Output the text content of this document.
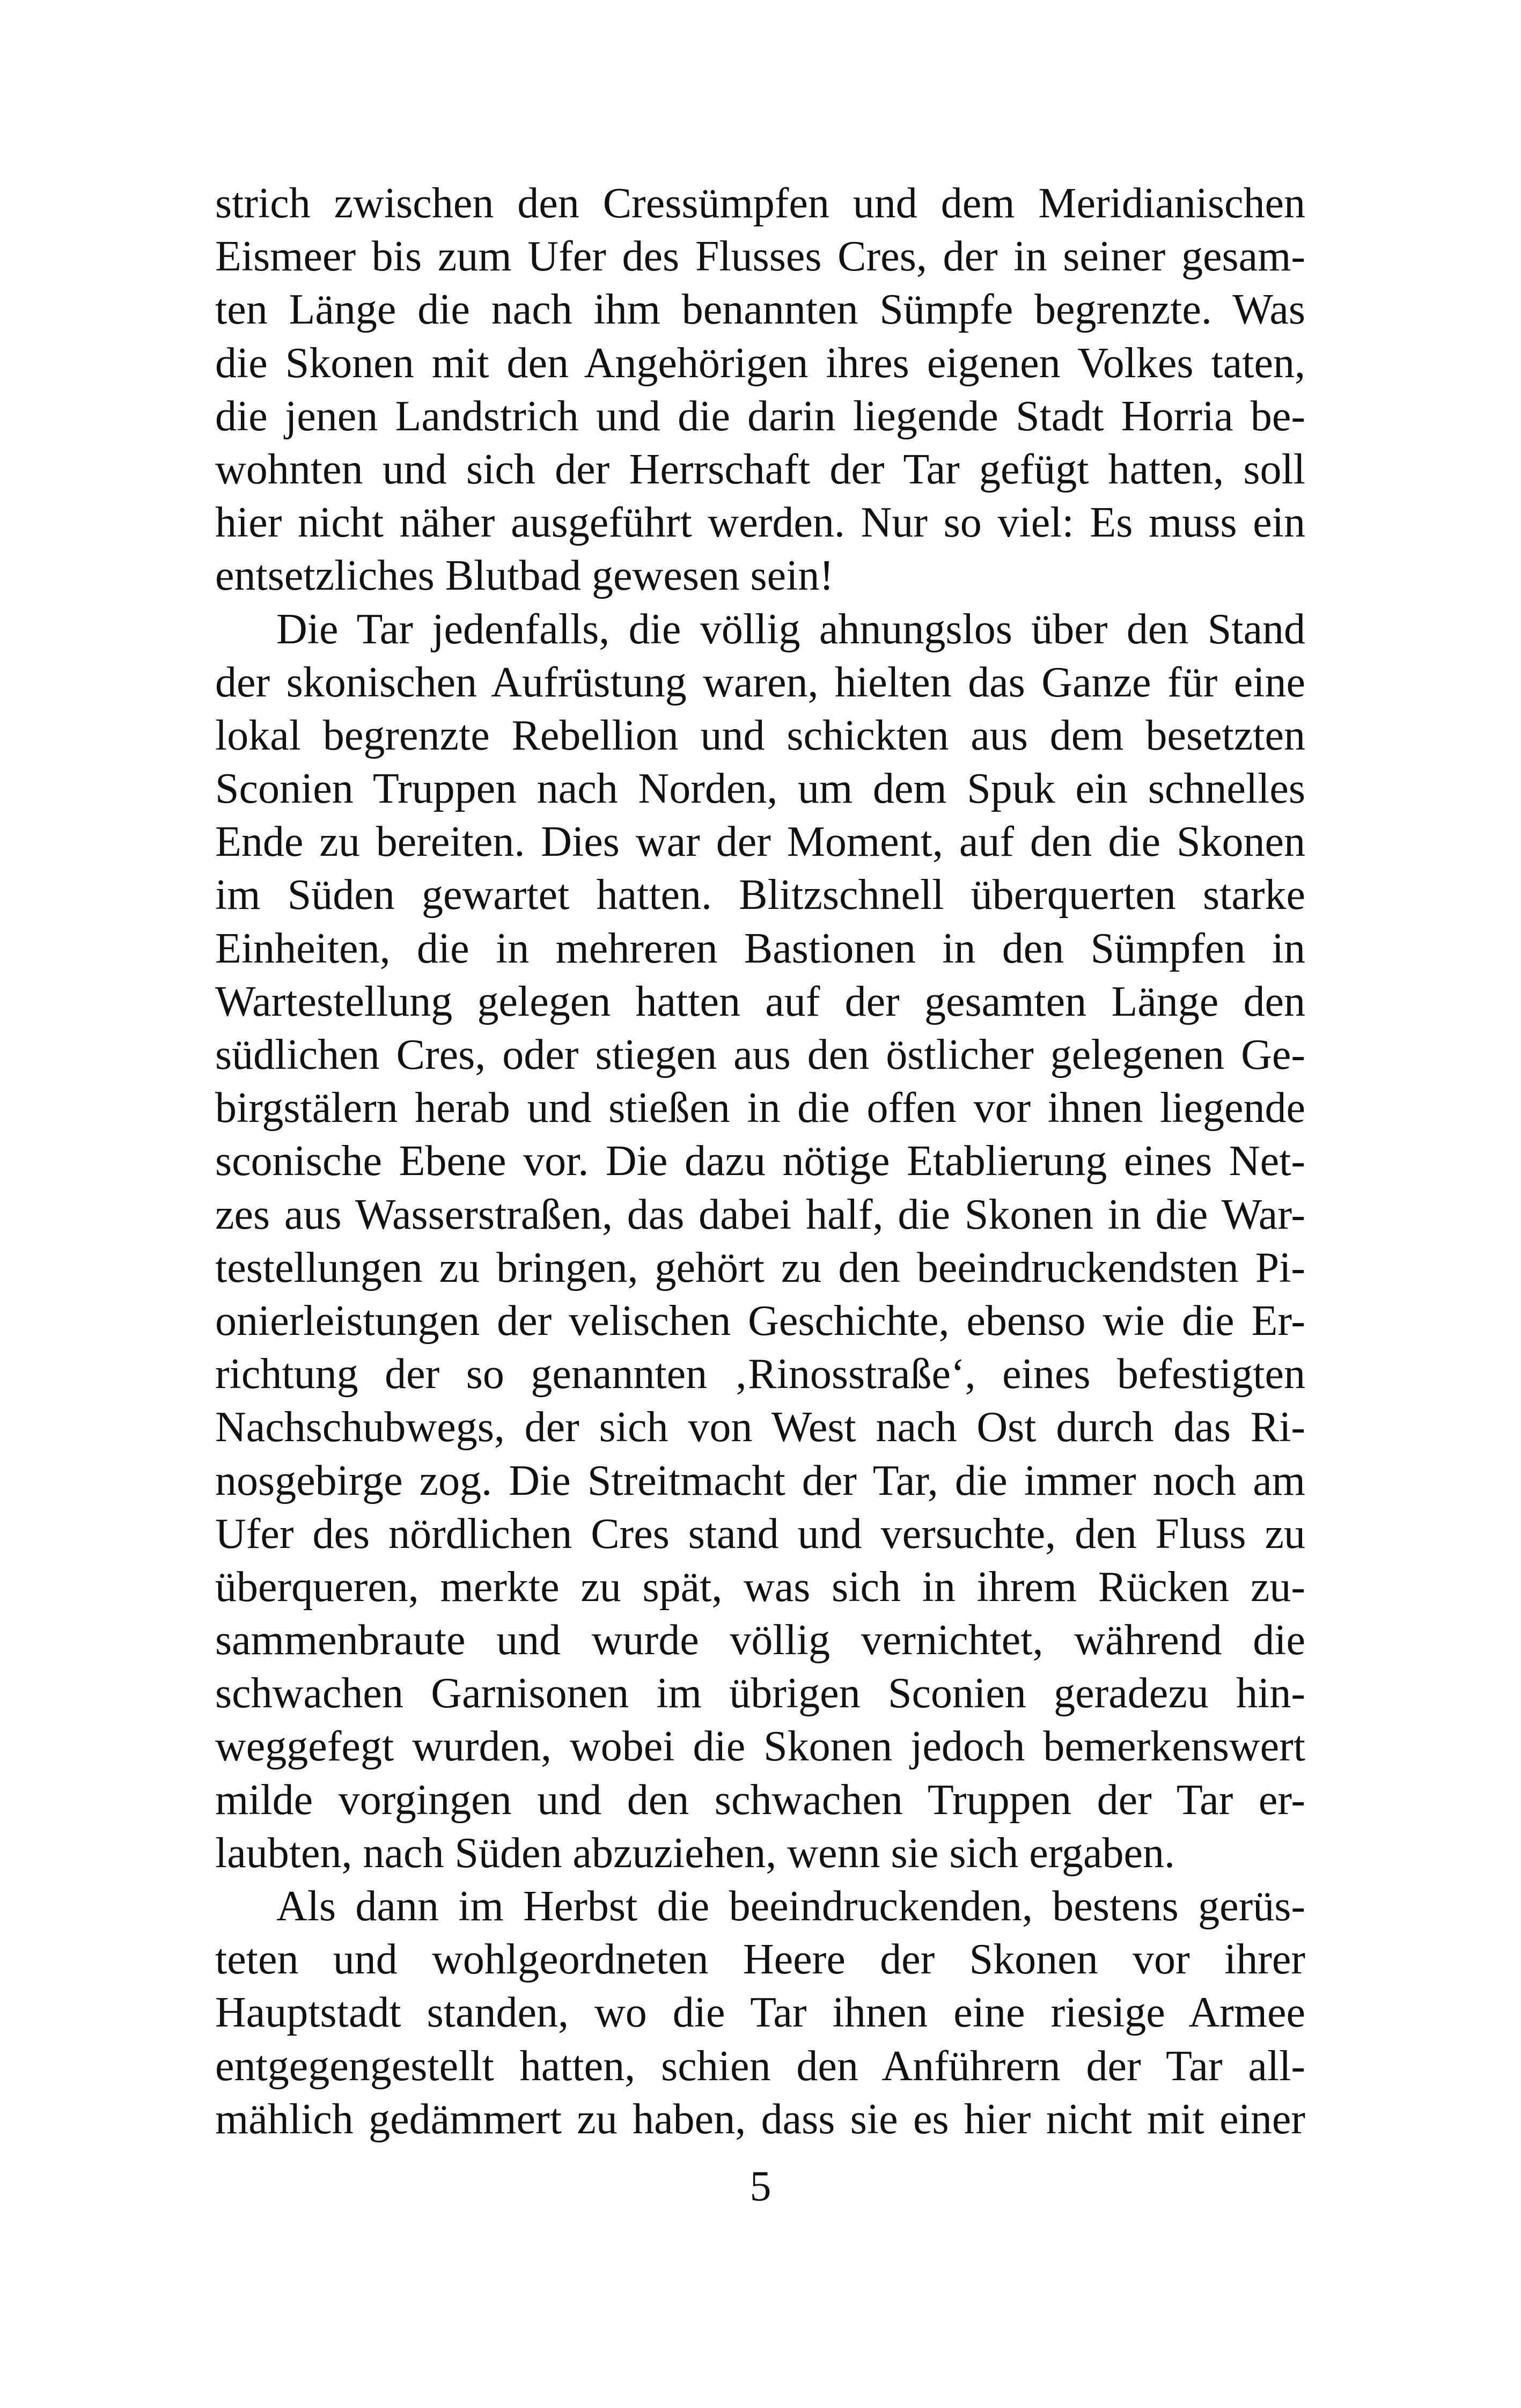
strich zwischen den Cressümpfen und dem Meridianischen
Eismeer bis zum Ufer des Flusses Cres, der in seiner gesam-
ten Länge die nach ihm benannten Sümpfe begrenzte. Was
die Skonen mit den Angehörigen ihres eigenen Volkes taten,
die jenen Landstrich und die darin liegende Stadt Horria be-
wohnten und sich der Herrschaft der Tar gefügt hatten, soll
hier nicht näher ausgeführt werden. Nur so viel: Es muss ein
entsetzliches Blutbad gewesen sein!
Die Tar jedenfalls, die völlig ahnungslos über den Stand
der skonischen Aufrüstung waren, hielten das Ganze für eine
lokal begrenzte Rebellion und schickten aus dem besetzten
Sconien Truppen nach Norden, um dem Spuk ein schnelles
Ende zu bereiten. Dies war der Moment, auf den die Skonen
im Süden gewartet hatten. Blitzschnell überquerten starke
Einheiten, die in mehreren Bastionen in den Sümpfen in
Wartestellung gelegen hatten auf der gesamten Länge den
südlichen Cres, oder stiegen aus den östlicher gelegenen Ge-
birgstälern herab und stießen in die offen vor ihnen liegende
sconische Ebene vor. Die dazu nötige Etablierung eines Net-
zes aus Wasserstraßen, das dabei half, die Skonen in die War-
testellungen zu bringen, gehört zu den beeindruckendsten Pi-
onierleistungen der velischen Geschichte, ebenso wie die Er-
richtung der so genannten ‚Rinosstraße‘, eines befestigten
Nachschubwegs, der sich von West nach Ost durch das Ri-
nosgebirge zog. Die Streitmacht der Tar, die immer noch am
Ufer des nördlichen Cres stand und versuchte, den Fluss zu
überqueren, merkte zu spät, was sich in ihrem Rücken zu-
sammenbraute und wurde völlig vernichtet, während die
schwachen Garnisonen im übrigen Sconien geradezu hin-
weggefegt wurden, wobei die Skonen jedoch bemerkenswert
milde vorgingen und den schwachen Truppen der Tar er-
laubten, nach Süden abzuziehen, wenn sie sich ergaben.
Als dann im Herbst die beeindruckenden, bestens gerüs-
teten und wohlgeordneten Heere der Skonen vor ihrer
Hauptstadt standen, wo die Tar ihnen eine riesige Armee
entgegengestellt hatten, schien den Anführern der Tar all-
mählich gedämmert zu haben, dass sie es hier nicht mit einer
5
